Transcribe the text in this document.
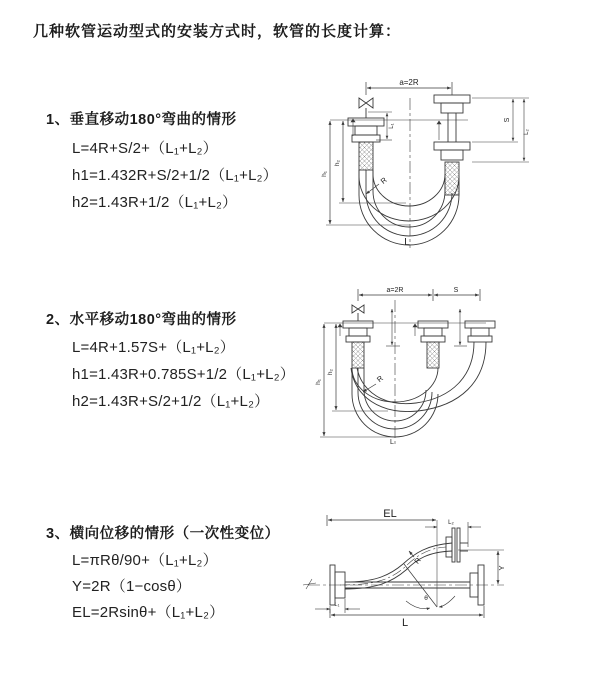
几种软管运动型式的安装方式时，软管的长度计算：
1、垂直移动180°弯曲的情形
L=4R+S/2+（L₁+L₂）
h1=1.432R+S/2+1/2（L₁+L₂）
h2=1.43R+1/2（L₁+L₂）
2、水平移动180°弯曲的情形
L=4R+1.57S+（L₁+L₂）
h1=1.43R+0.785S+1/2（L₁+L₂）
h2=1.43R+S/2+1/2（L₁+L₂）
3、横向位移的情形（一次性变位）
L=πRθ/90+（L₁+L₂）
Y=2R（1−cosθ）
EL=2Rsinθ+（L₁+L₂）
a=2R
L₁
S
L₂
h₁
h₂
R
L
a=2R	S
h₁
h₂
R
L
EL
L₂
Y
R
θ
L₁
L
